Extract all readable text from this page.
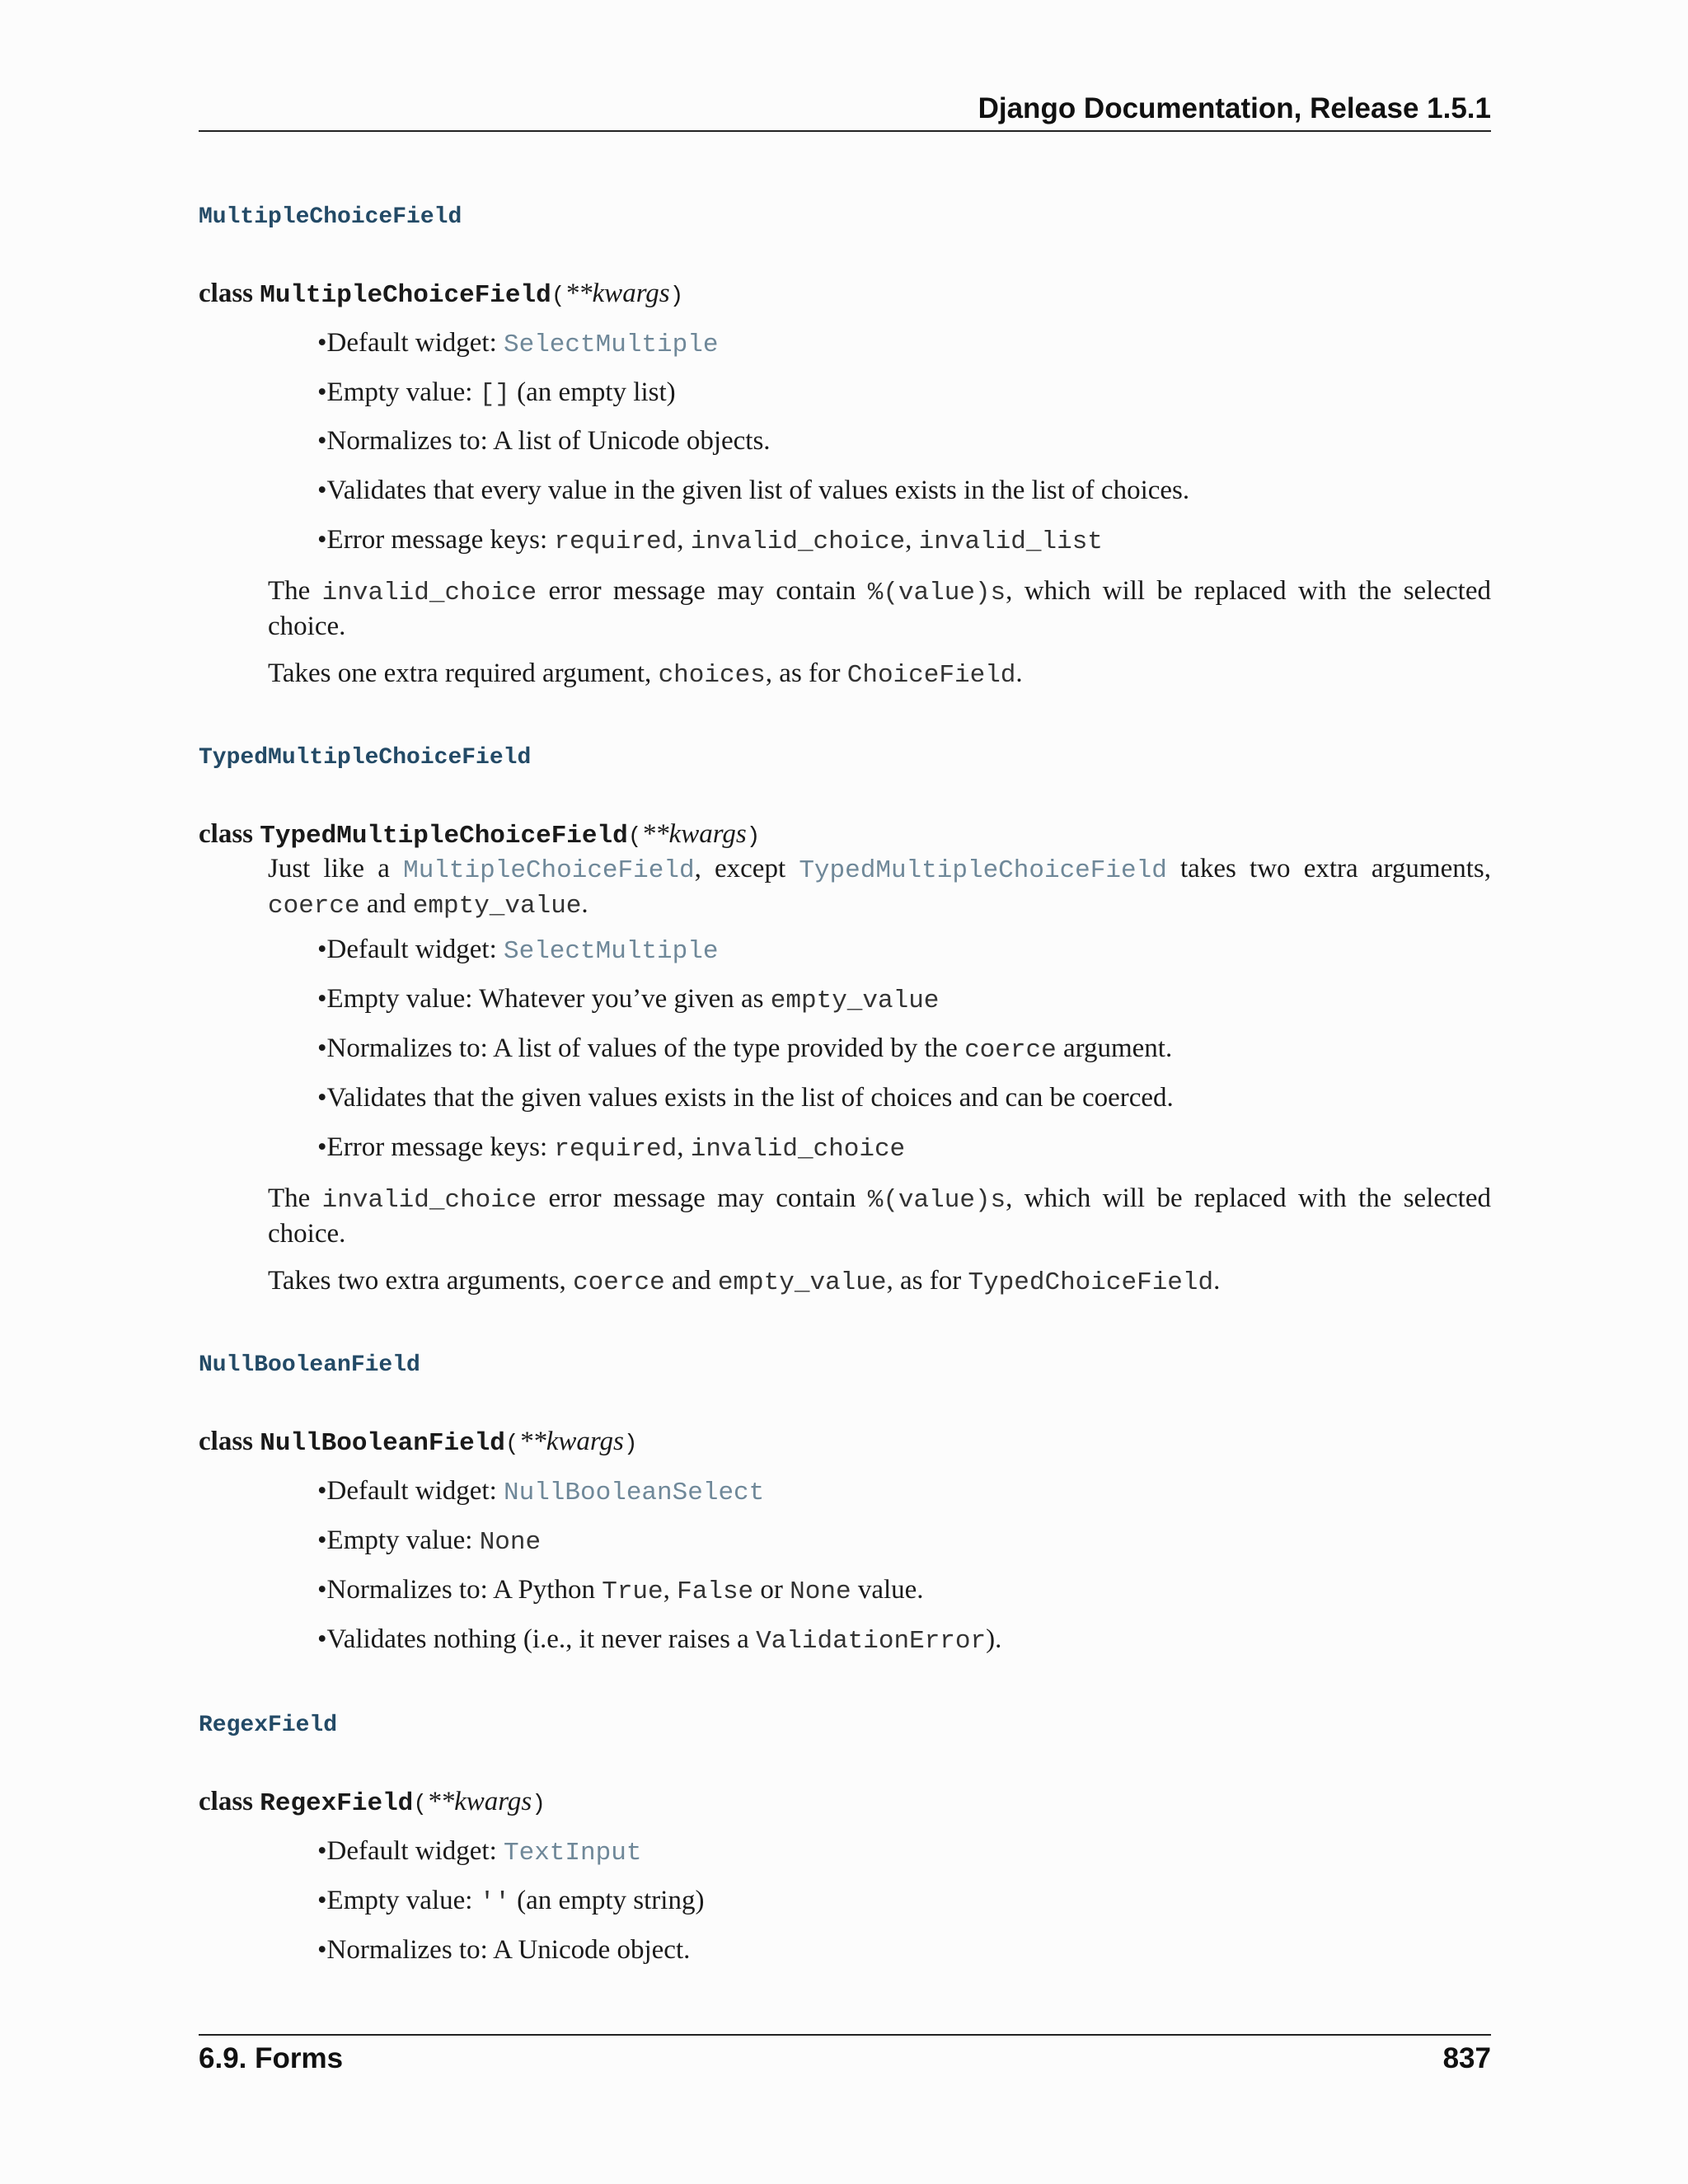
Django Documentation, Release 1.5.1
MultipleChoiceField
class MultipleChoiceField(**kwargs)
•Default widget: SelectMultiple
•Empty value: [] (an empty list)
•Normalizes to: A list of Unicode objects.
•Validates that every value in the given list of values exists in the list of choices.
•Error message keys: required, invalid_choice, invalid_list
The invalid_choice error message may contain %(value)s, which will be replaced with the selected choice.
Takes one extra required argument, choices, as for ChoiceField.
TypedMultipleChoiceField
class TypedMultipleChoiceField(**kwargs)
Just like a MultipleChoiceField, except TypedMultipleChoiceField takes two extra arguments, coerce and empty_value.
•Default widget: SelectMultiple
•Empty value: Whatever you’ve given as empty_value
•Normalizes to: A list of values of the type provided by the coerce argument.
•Validates that the given values exists in the list of choices and can be coerced.
•Error message keys: required, invalid_choice
The invalid_choice error message may contain %(value)s, which will be replaced with the selected choice.
Takes two extra arguments, coerce and empty_value, as for TypedChoiceField.
NullBooleanField
class NullBooleanField(**kwargs)
•Default widget: NullBooleanSelect
•Empty value: None
•Normalizes to: A Python True, False or None value.
•Validates nothing (i.e., it never raises a ValidationError).
RegexField
class RegexField(**kwargs)
•Default widget: TextInput
•Empty value: '' (an empty string)
•Normalizes to: A Unicode object.
6.9. Forms	837
